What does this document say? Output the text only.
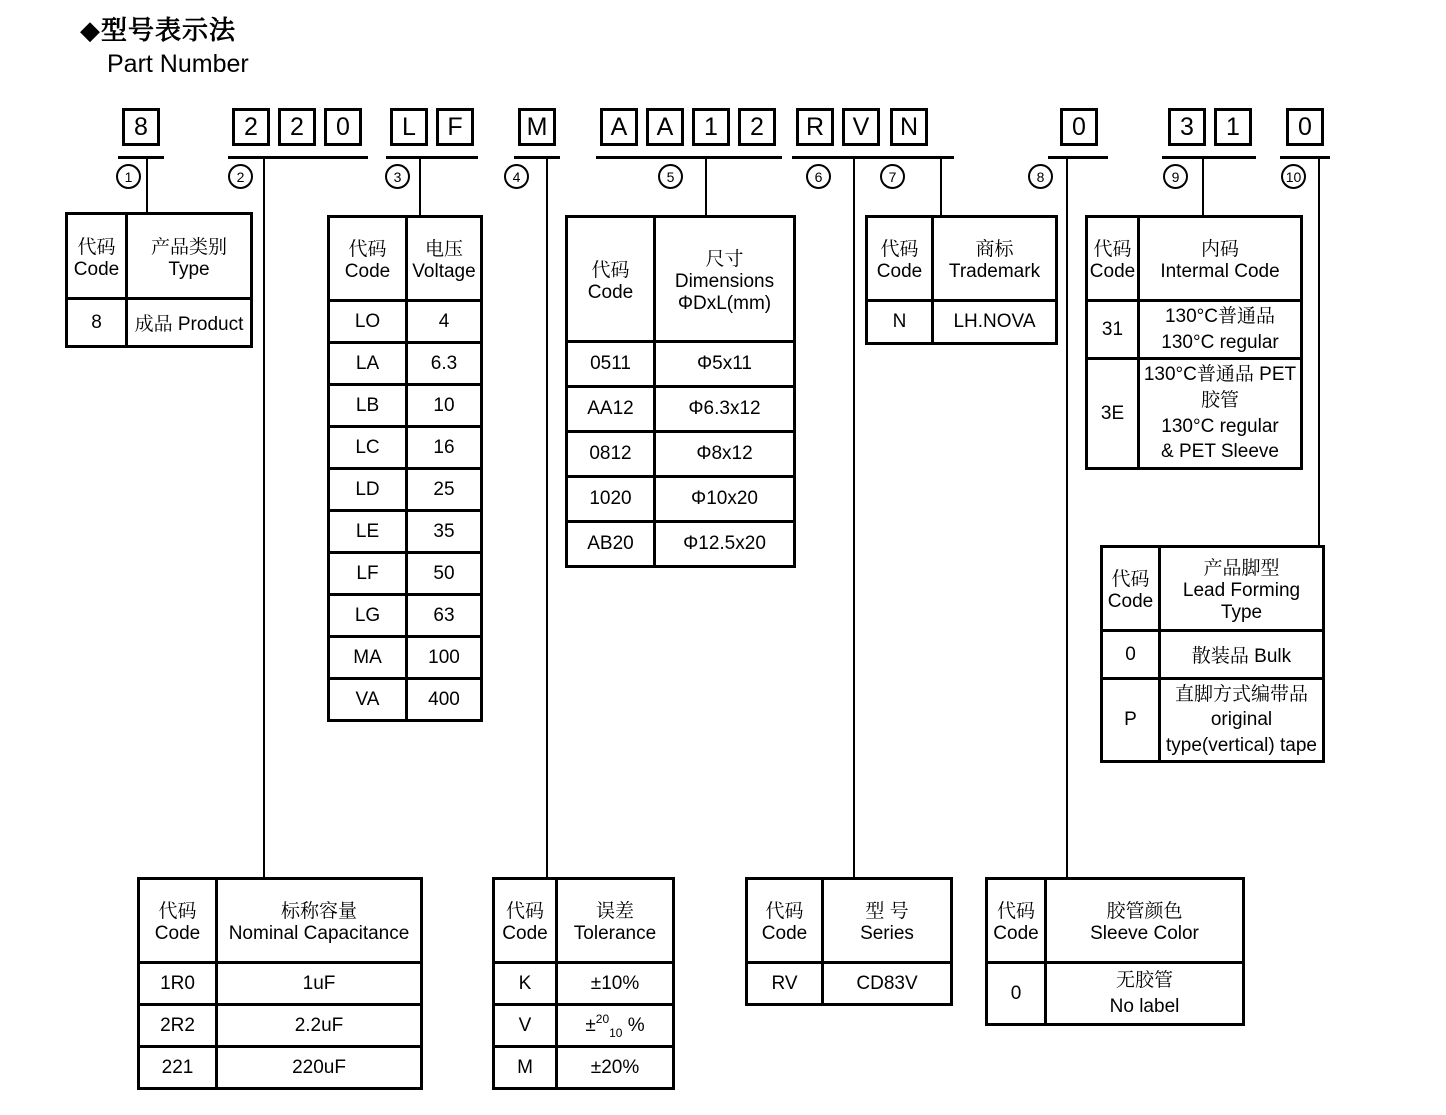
◆型号表示法
Part Number
8	2	2	0	L	F	M	A	A	1	2	R	V	N	0	3	1	0
1	2	3	4	5	6	7	8	9	10
代码
Code

产品类别
Type

8	成品 Product
代码
Code

电压
Voltage

LO	4
LA	6.3
LB	10
LC	16
LD	25
LE	35
LF	50
LG	63
MA	100
VA	400
代码
Code

尺寸
Dimensions
ΦDxL(mm)

0511	Φ5x11
AA12	Φ6.3x12
0812	Φ8x12
1020	Φ10x20
AB20	Φ12.5x20
代码
Code

商标
Trademark

N	LH.NOVA
代码
Code

内码
Intermal Code

31	130°C普通品
130°C regular

3E	130°C普通品 PET
胶管
130°C regular
& PET Sleeve
代码
Code

产品脚型
Lead Forming
Type

0	散装品 Bulk
P	直脚方式编带品
original
type(vertical) tape
代码
Code

标称容量
Nominal Capacitance

1R0	1uF
2R2	2.2uF
221	220uF
代码
Code

误差
Tolerance

K	±10%
V	±$^{20}_{10}$ %
M	±20%
代码
Code

型 号
Series

RV	CD83V
代码
Code

胶管颜色
Sleeve Color

0	无胶管
No label
